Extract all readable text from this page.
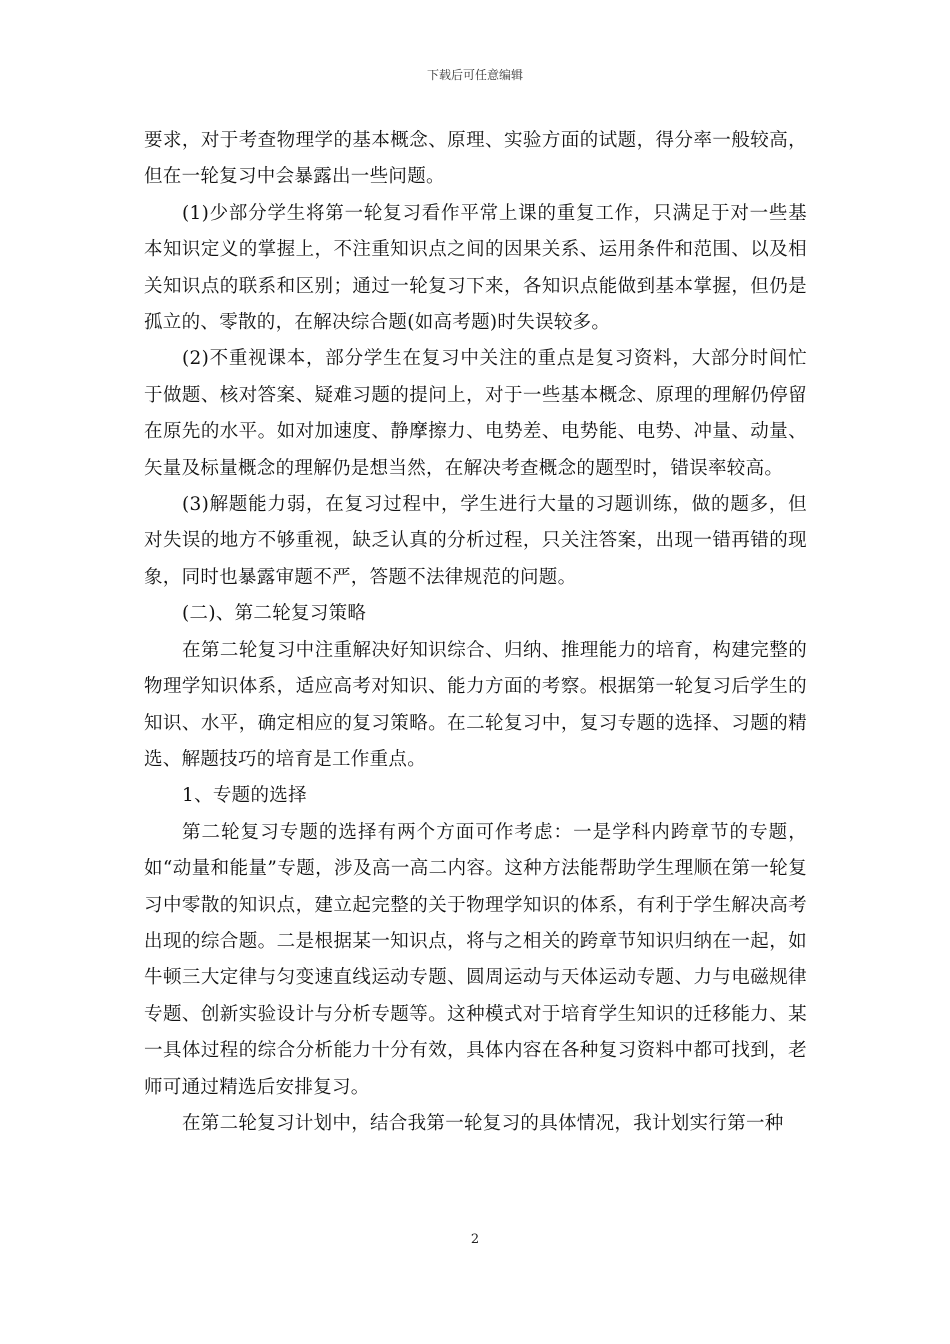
下载后可任意编辑

要求，对于考查物理学的基本概念、原理、实验方面的试题，得分率一般较高，但在一轮复习中会暴露出一些问题。

(1)少部分学生将第一轮复习看作平常上课的重复工作，只满足于对一些基本知识定义的掌握上，不注重知识点之间的因果关系、运用条件和范围、以及相关知识点的联系和区别；通过一轮复习下来，各知识点能做到基本掌握，但仍是孤立的、零散的，在解决综合题(如高考题)时失误较多。

(2)不重视课本，部分学生在复习中关注的重点是复习资料，大部分时间忙于做题、核对答案、疑难习题的提问上，对于一些基本概念、原理的理解仍停留在原先的水平。如对加速度、静摩擦力、电势差、电势能、电势、冲量、动量、矢量及标量概念的理解仍是想当然，在解决考查概念的题型时，错误率较高。

(3)解题能力弱，在复习过程中，学生进行大量的习题训练，做的题多，但对失误的地方不够重视，缺乏认真的分析过程，只关注答案，出现一错再错的现象，同时也暴露审题不严，答题不法律规范的问题。

(二)、第二轮复习策略

在第二轮复习中注重解决好知识综合、归纳、推理能力的培育，构建完整的物理学知识体系，适应高考对知识、能力方面的考察。根据第一轮复习后学生的知识、水平，确定相应的复习策略。在二轮复习中，复习专题的选择、习题的精选、解题技巧的培育是工作重点。

1、专题的选择

第二轮复习专题的选择有两个方面可作考虑：一是学科内跨章节的专题，如“动量和能量”专题，涉及高一高二内容。这种方法能帮助学生理顺在第一轮复习中零散的知识点，建立起完整的关于物理学知识的体系，有利于学生解决高考出现的综合题。二是根据某一知识点，将与之相关的跨章节知识归纳在一起，如牛顿三大定律与匀变速直线运动专题、圆周运动与天体运动专题、力与电磁规律专题、创新实验设计与分析专题等。这种模式对于培育学生知识的迁移能力、某一具体过程的综合分析能力十分有效，具体内容在各种复习资料中都可找到，老师可通过精选后安排复习。

在第二轮复习计划中，结合我第一轮复习的具体情况，我计划实行第一种

2
